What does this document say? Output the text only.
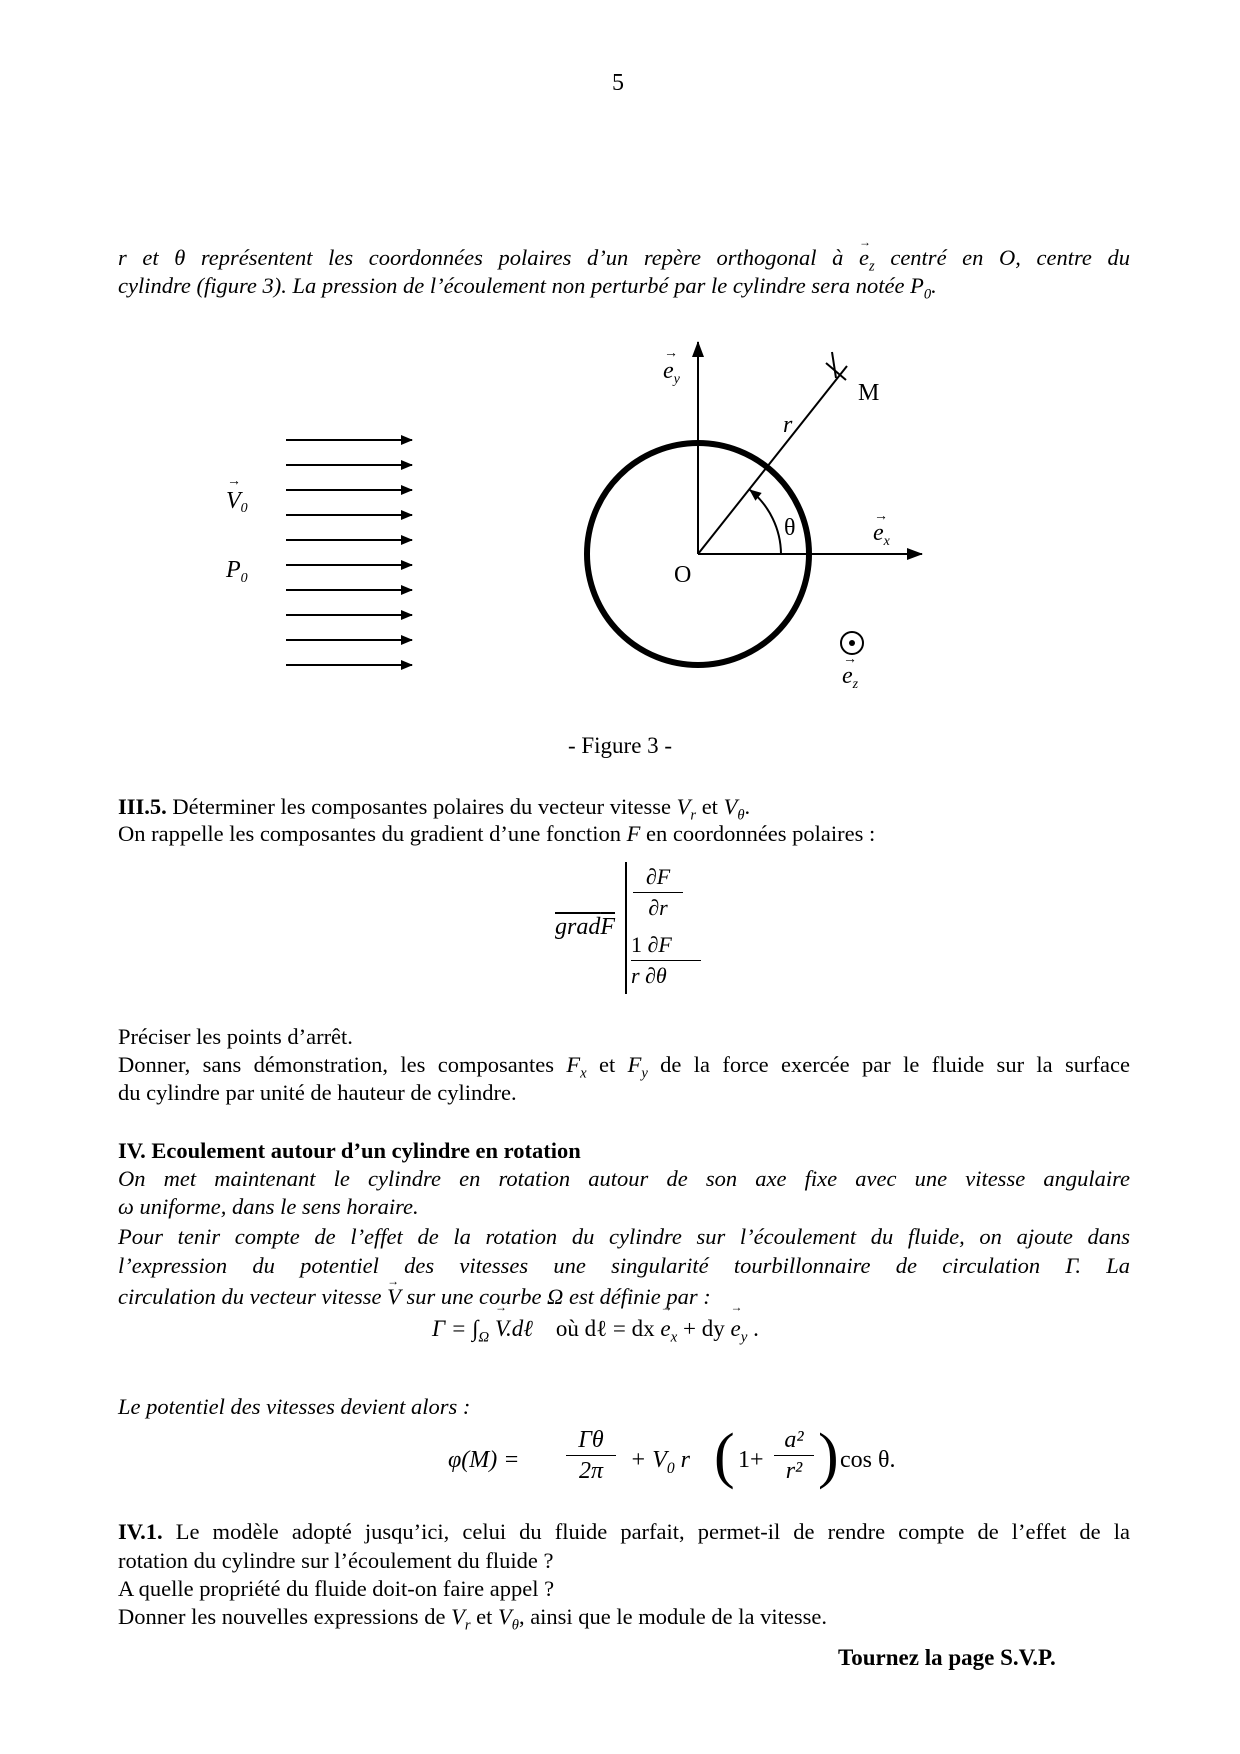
5
r et θ représentent les coordonnées polaires d’un repère orthogonal à → $e_z$ centré en O, centre du
cylindre (figure 3). La pression de l’écoulement non perturbé par le cylindre sera notée $P_0$.
V0
→
$P_0$
$e_y$
→
M
r
θ	$e_x$
→
O
$e_z$
→
- Figure 3 -
III.5. Déterminer les composantes polaires du vecteur vitesse $V_r$ et $V_\theta$.
On rappelle les composantes du gradient d’une fonction F en coordonnées polaires :
$grad\overline{F}$
∂F
∂r
1 ∂F
r ∂θ
Préciser les points d’arrêt.
Donner, sans démonstration, les composantes $F_x$ et $F_y$ de la force exercée par le fluide sur la surface
du cylindre par unité de hauteur de cylindre.
IV. Ecoulement autour d’un cylindre en rotation
On met maintenant le cylindre en rotation autour de son axe fixe avec une vitesse angulaire
ω uniforme, dans le sens horaire.
Pour tenir compte de l’effet de la rotation du cylindre sur l’écoulement du fluide, on ajoute dans
l’expression du potentiel des vitesses une singularité tourbillonnaire de circulation Γ. La
circulation du vecteur vitesse → V sur une courbe Ω est définie par :
$\Gamma = \int_\Omega$ → V.dℓ où dℓ = dx → $e_x$ + dy → $e_y$ .
Le potentiel des vitesses devient alors :
φ(M) =
Γθ
2π	+ $V_0$ r ( 1+
a²
r² ) cos θ.
IV.1. Le modèle adopté jusqu’ici, celui du fluide parfait, permet-il de rendre compte de l’effet de la
rotation du cylindre sur l’écoulement du fluide ?
A quelle propriété du fluide doit-on faire appel ?
Donner les nouvelles expressions de $V_r$ et $V_\theta$, ainsi que le module de la vitesse.
Tournez la page S.V.P.
